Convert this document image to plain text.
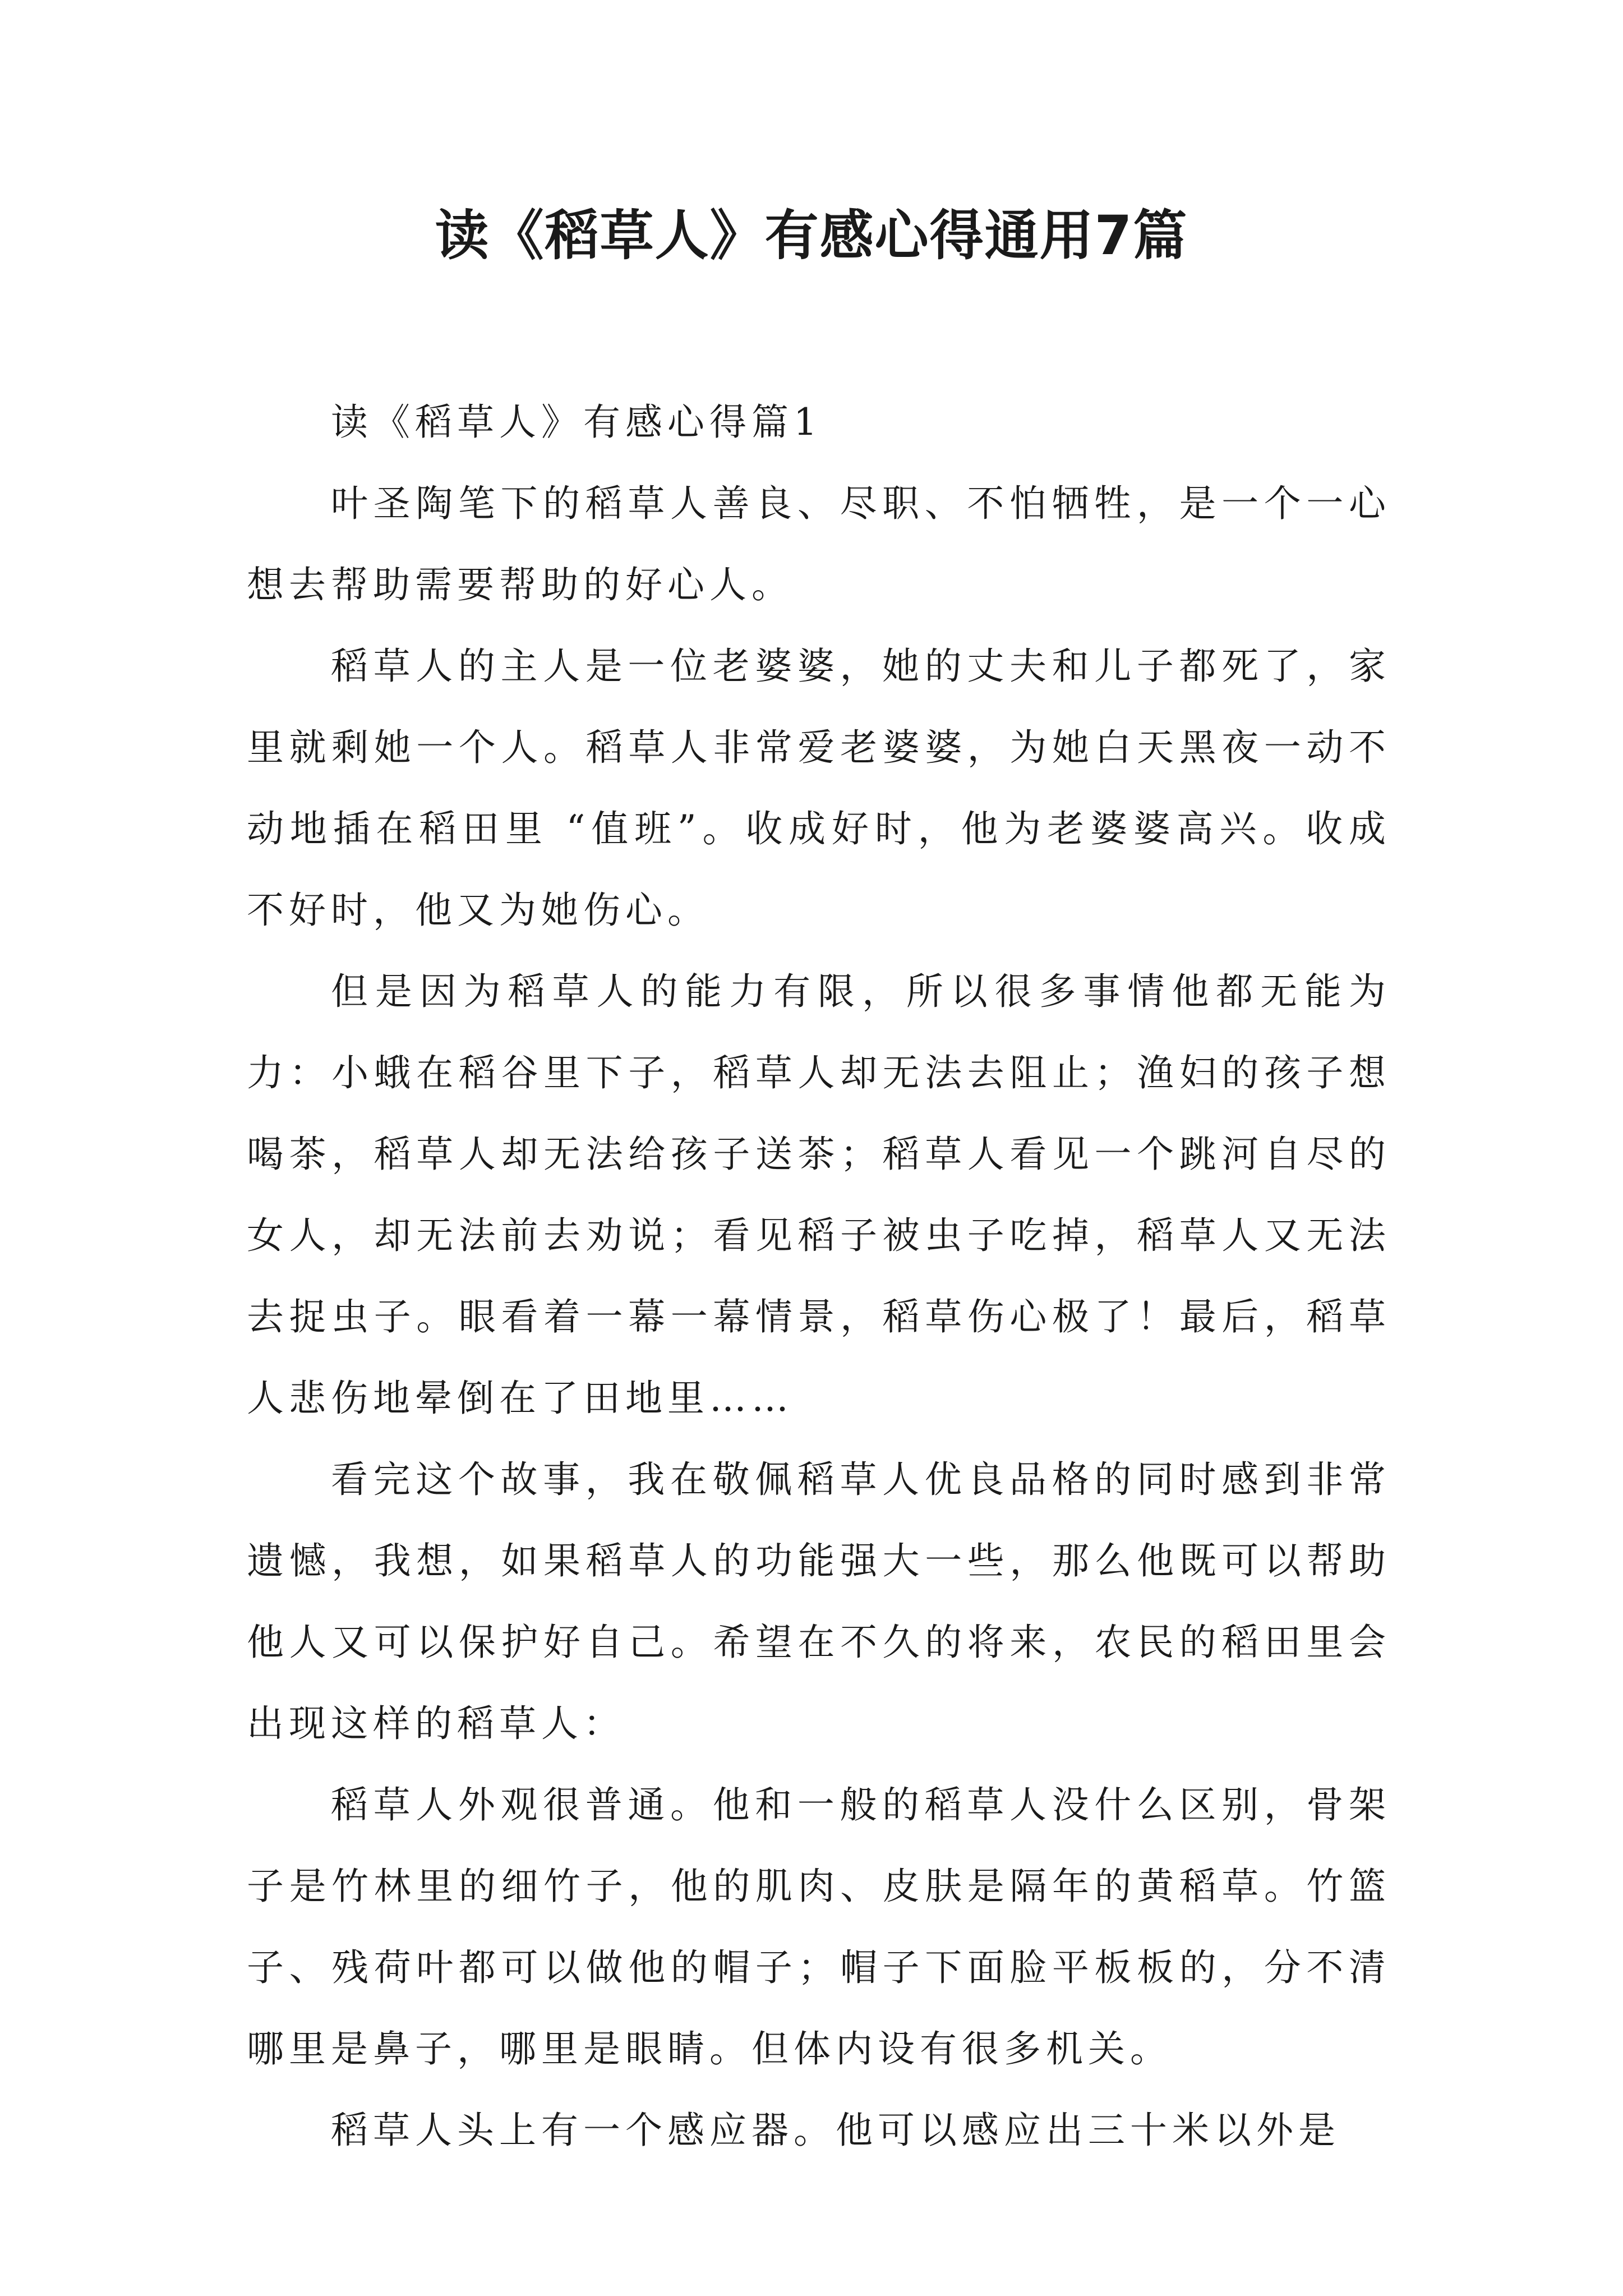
读《稻草人》有感心得通用7篇

读《稻草人》有感心得篇1

叶圣陶笔下的稻草人善良、尽职、不怕牺牲，是一个一心想去帮助需要帮助的好心人。

稻草人的主人是一位老婆婆，她的丈夫和儿子都死了，家里就剩她一个人。稻草人非常爱老婆婆，为她白天黑夜一动不动地插在稻田里 “值班”。收成好时，他为老婆婆高兴。收成不好时，他又为她伤心。

但是因为稻草人的能力有限，所以很多事情他都无能为力：小蛾在稻谷里下子，稻草人却无法去阻止；渔妇的孩子想喝茶，稻草人却无法给孩子送茶；稻草人看见一个跳河自尽的女人，却无法前去劝说；看见稻子被虫子吃掉，稻草人又无法去捉虫子。眼看着一幕一幕情景，稻草伤心极了！最后，稻草人悲伤地晕倒在了田地里……

看完这个故事，我在敬佩稻草人优良品格的同时感到非常遗憾，我想，如果稻草人的功能强大一些，那么他既可以帮助他人又可以保护好自己。希望在不久的将来，农民的稻田里会出现这样的稻草人：

稻草人外观很普通。他和一般的稻草人没什么区别，骨架子是竹林里的细竹子，他的肌肉、皮肤是隔年的黄稻草。竹篮子、残荷叶都可以做他的帽子；帽子下面脸平板板的，分不清哪里是鼻子，哪里是眼睛。但体内设有很多机关。

稻草人头上有一个感应器。他可以感应出三十米以外是
